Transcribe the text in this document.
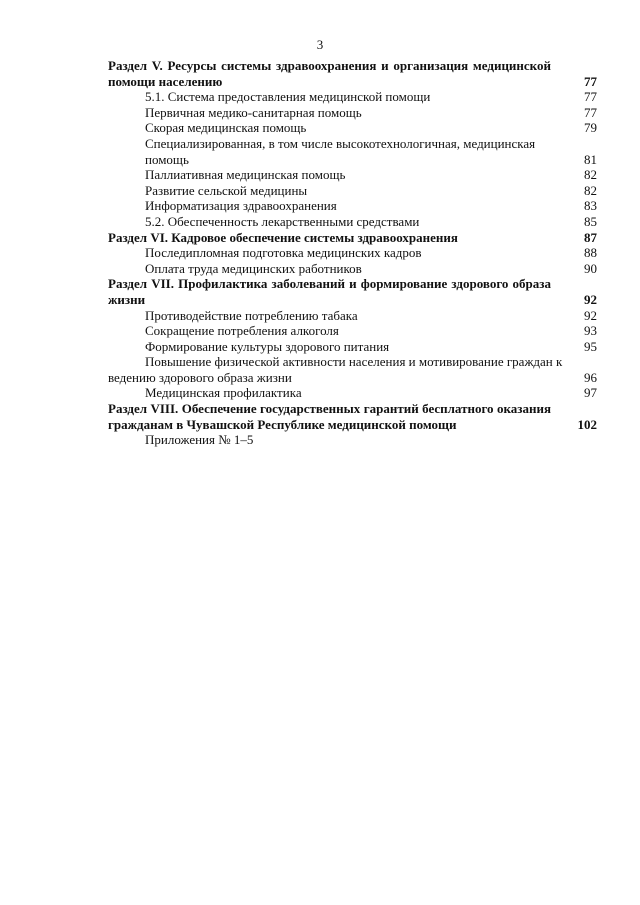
3
Раздел V. Ресурсы системы здравоохранения и организация медицинской помощи населению	77
5.1. Система предоставления медицинской помощи	77
Первичная медико-санитарная помощь	77
Скорая медицинская помощь	79
Специализированная, в том числе высокотехнологичная, медицинская помощь	81
Паллиативная медицинская помощь	82
Развитие сельской медицины	82
Информатизация здравоохранения	83
5.2. Обеспеченность лекарственными средствами	85
Раздел VI. Кадровое обеспечение системы здравоохранения	87
Последипломная подготовка медицинских кадров	88
Оплата труда медицинских работников	90
Раздел VII. Профилактика заболеваний и формирование здорового образа жизни	92
Противодействие потреблению табака	92
Сокращение потребления алкоголя	93
Формирование культуры здорового питания	95
Повышение физической активности населения и мотивирование граждан к ведению здорового образа жизни	96
Медицинская профилактика	97
Раздел VIII. Обеспечение государственных гарантий бесплатного оказания гражданам в Чувашской Республике медицинской помощи	102
Приложения № 1–5
